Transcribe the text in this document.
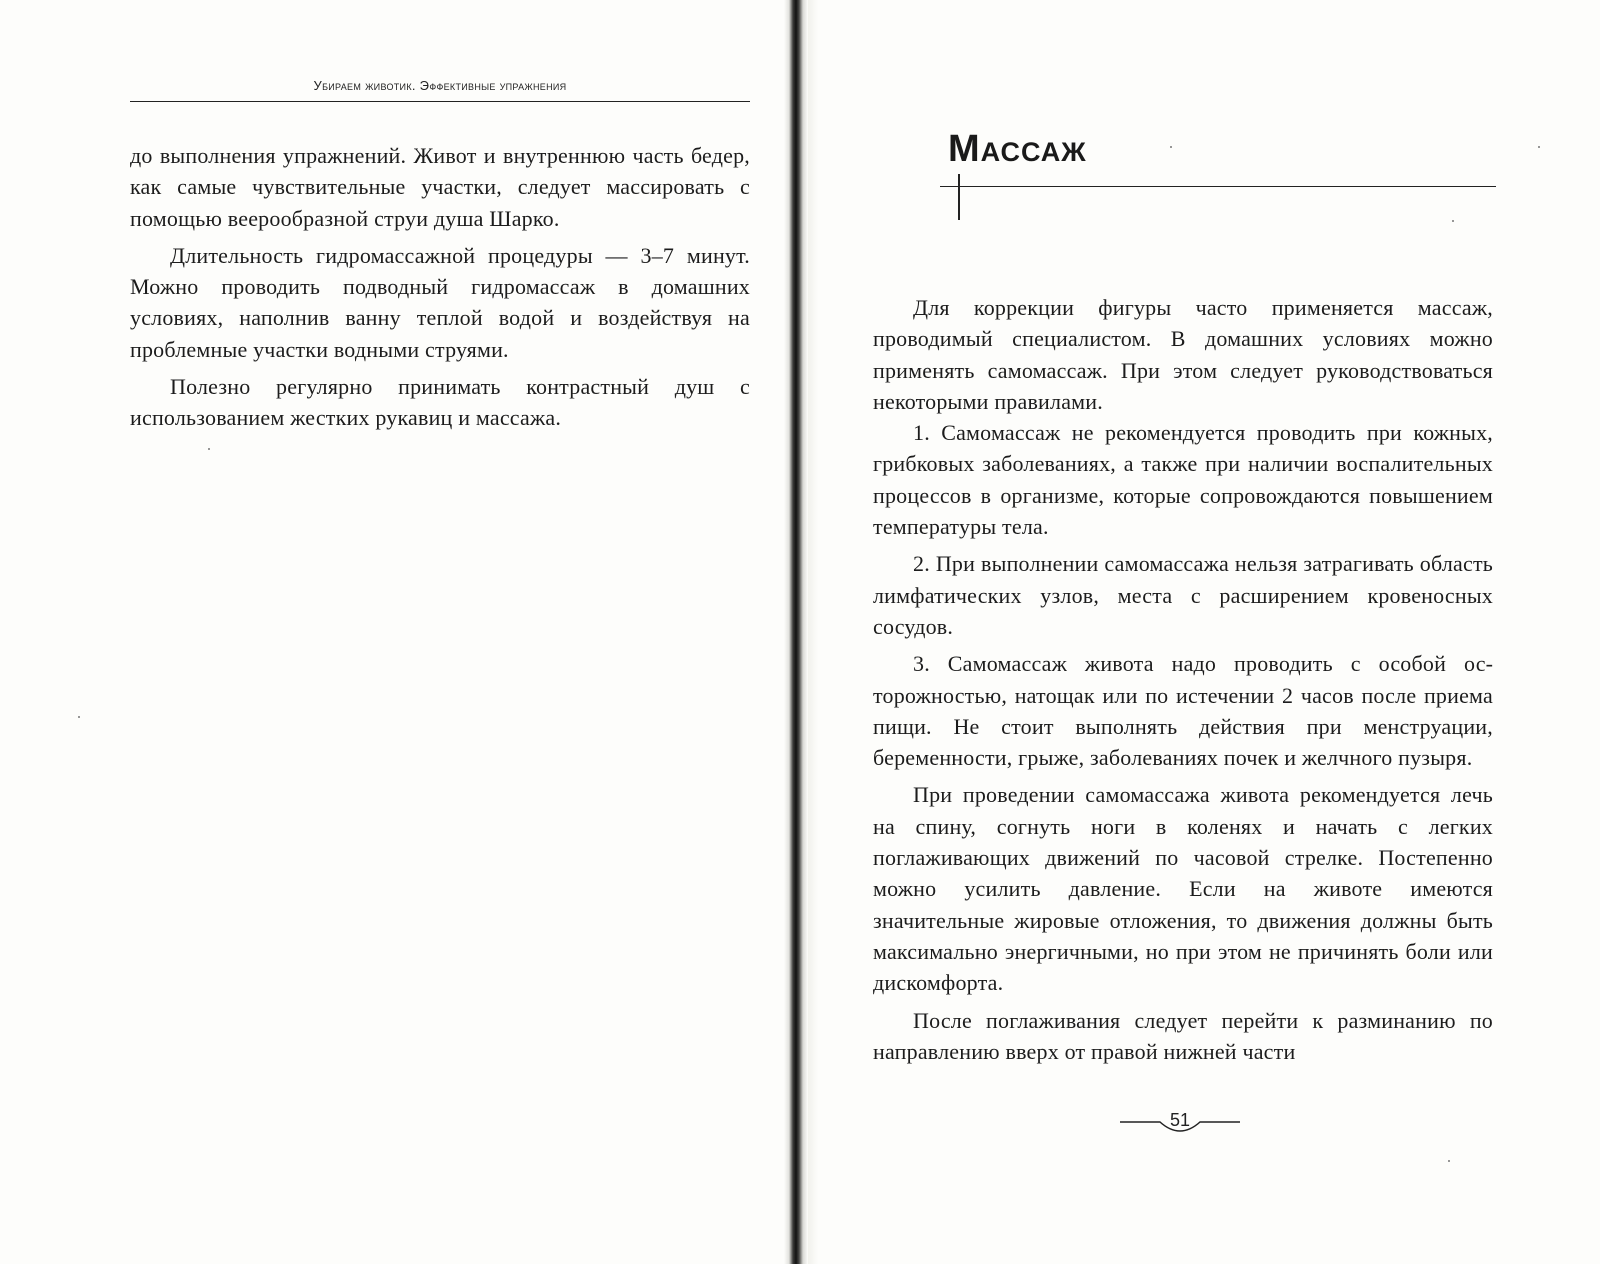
Убираем животик. Эффективные упражнения

до выполнения упражнений. Живот и внутреннюю часть бедер, как самые чувствительные участки, следует массировать с помощью веерообразной струи душа Шарко.

Длительность гидромассажной процедуры — 3–7 минут. Можно проводить подводный гидромассаж в домашних условиях, наполнив ванну теплой водой и воздействуя на проблемные участки водными струями.

Полезно регулярно принимать контрастный душ с использованием жестких рукавиц и массажа.

Массаж

Для коррекции фигуры часто применяется массаж, проводимый специалистом. В домашних условиях можно применять самомассаж. При этом следует руководствоваться некоторыми правилами.

1. Самомассаж не рекомендуется проводить при кожных, грибковых заболеваниях, а также при наличии воспалительных процессов в организме, которые сопровождаются повышением температуры тела.

2. При выполнении самомассажа нельзя затрагивать область лимфатических узлов, места с расширением кровеносных сосудов.

3. Самомассаж живота надо проводить с особой осторожностью, натощак или по истечении 2 часов после приема пищи. Не стоит выполнять действия при менструации, беременности, грыже, заболеваниях почек и желчного пузыря.

При проведении самомассажа живота рекомендуется лечь на спину, согнуть ноги в коленях и начать с легких поглаживающих движений по часовой стрелке. Постепенно можно усилить давление. Если на животе имеются значительные жировые отложения, то движения должны быть максимально энергичными, но при этом не причинять боли или дискомфорта.

После поглаживания следует перейти к разминанию по направлению вверх от правой нижней части

51
